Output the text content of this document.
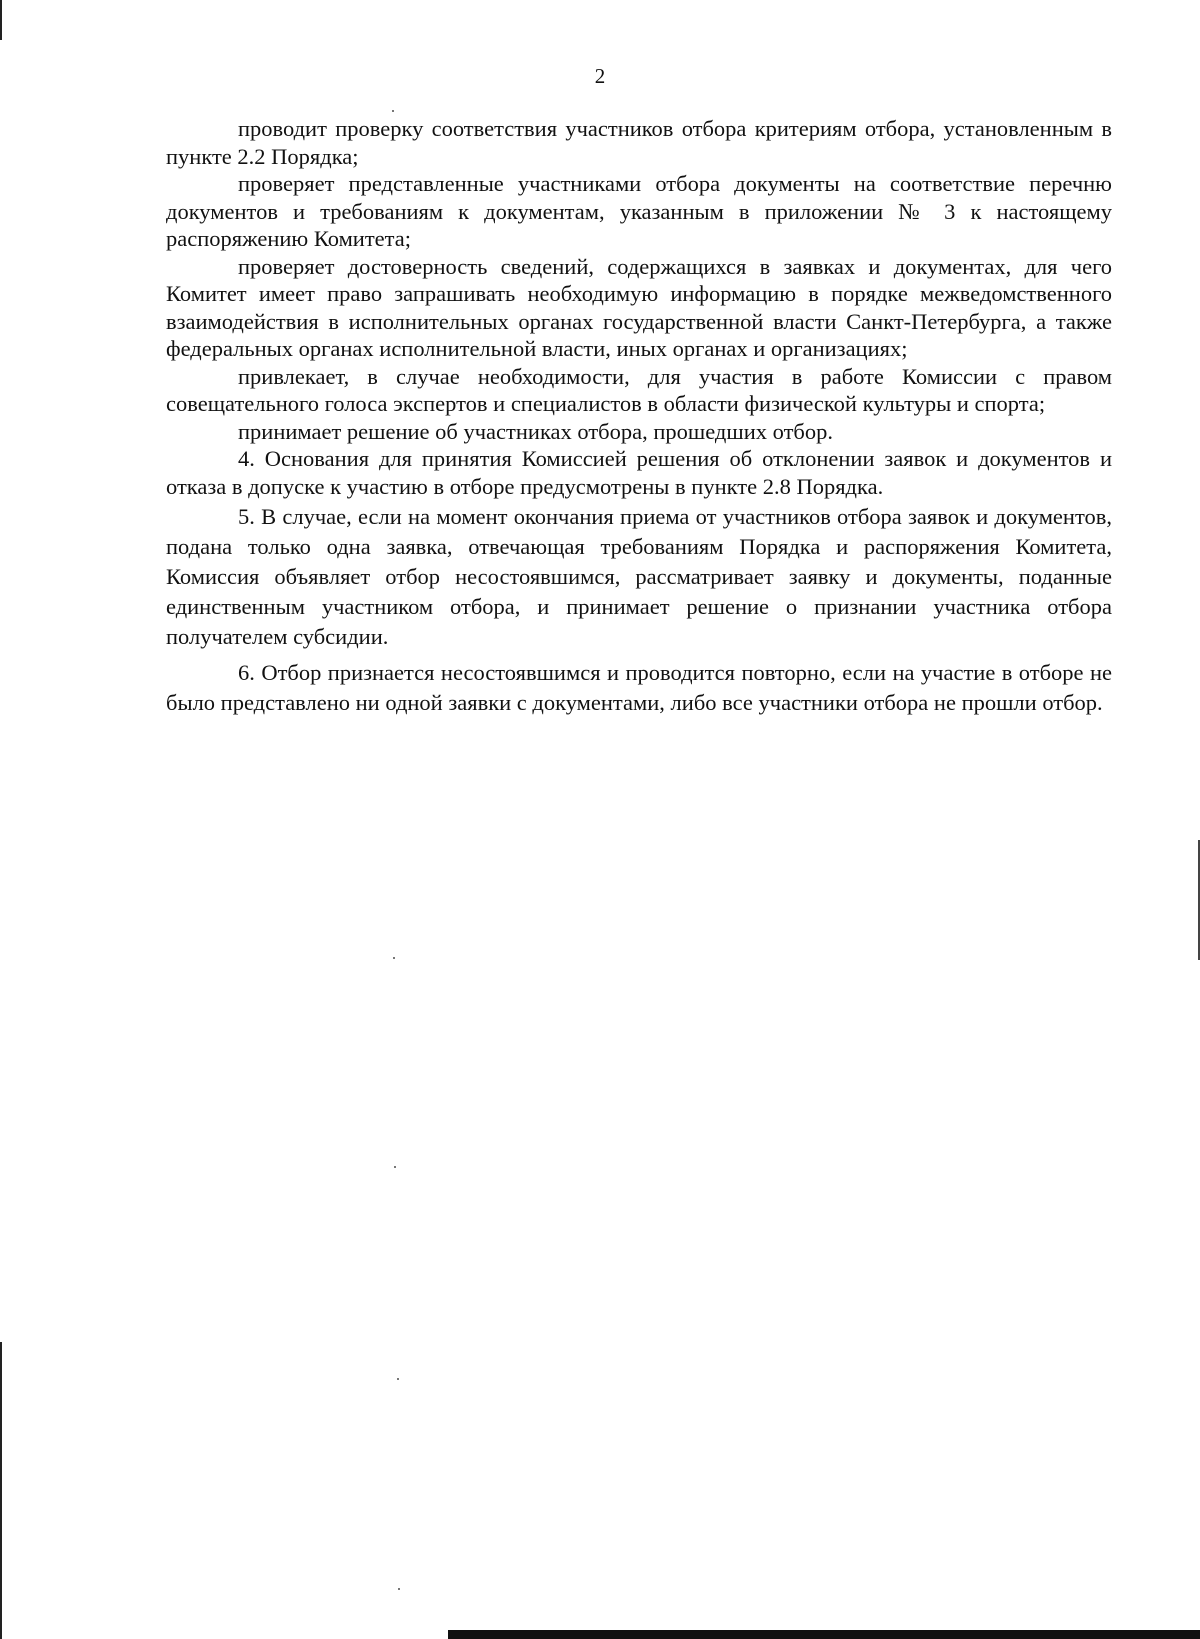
2

проводит проверку соответствия участников отбора критериям отбора, установленным в пункте 2.2 Порядка;

проверяет представленные участниками отбора документы на соответствие перечню документов и требованиям к документам, указанным в приложении № 3 к настоящему распоряжению Комитета;

проверяет достоверность сведений, содержащихся в заявках и документах, для чего Комитет имеет право запрашивать необходимую информацию в порядке межведомственного взаимодействия в исполнительных органах государственной власти Санкт-Петербурга, а также федеральных органах исполнительной власти, иных органах и организациях;

привлекает, в случае необходимости, для участия в работе Комиссии с правом совещательного голоса экспертов и специалистов в области физической культуры и спорта;

принимает решение об участниках отбора, прошедших отбор.

4. Основания для принятия Комиссией решения об отклонении заявок и документов и отказа в допуске к участию в отборе предусмотрены в пункте 2.8 Порядка.

5. В случае, если на момент окончания приема от участников отбора заявок и документов, подана только одна заявка, отвечающая требованиям Порядка и распоряжения Комитета, Комиссия объявляет отбор несостоявшимся, рассматривает заявку и документы, поданные единственным участником отбора, и принимает решение о признании участника отбора получателем субсидии.

6. Отбор признается несостоявшимся и проводится повторно, если на участие в отборе не было представлено ни одной заявки с документами, либо все участники отбора не прошли отбор.
